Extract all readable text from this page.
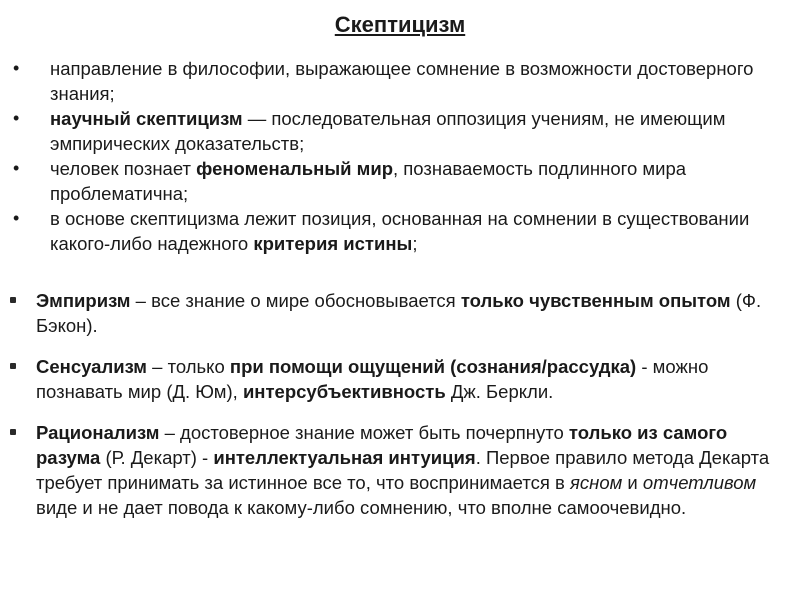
Скептицизм
• направление в философии, выражающее сомнение в возможности достоверного знания;
• научный скептицизм — последовательная оппозиция учениям, не имеющим эмпирических доказательств;
• человек познает феноменальный мир, познаваемость подлинного мира проблематична;
• в основе скептицизма лежит позиция, основанная на сомнении в существовании какого-либо надежного критерия истины;
Эмпиризм – все знание о мире обосновывается только чувственным опытом (Ф. Бэкон).
Сенсуализм – только при помощи ощущений (сознания/рассудка) - можно познавать мир (Д. Юм), интерсубъективность Дж. Беркли.
Рационализм – достоверное знание может быть почерпнуто только из самого разума (Р. Декарт) - интеллектуальная интуиция. Первое правило метода Декарта требует принимать за истинное все то, что воспринимается в ясном и отчетливом виде и не дает повода к какому-либо сомнению, что вполне самоочевидно.
